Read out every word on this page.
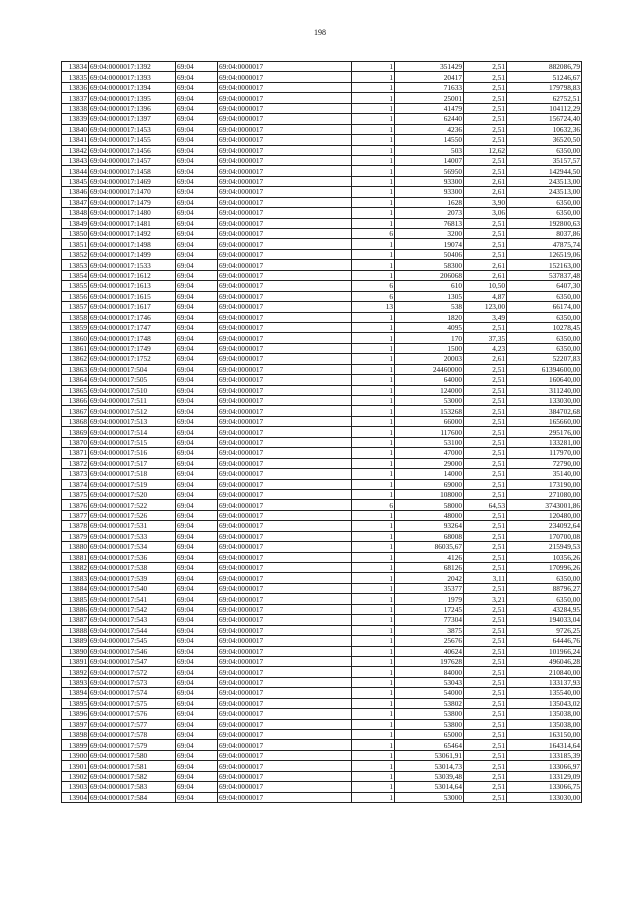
198
13834	69:04:0000017:1392	69:04	69:04:0000017	1	351429	2,51	882086,79
13835	69:04:0000017:1393	69:04	69:04:0000017	1	20417	2,51	51246,67
13836	69:04:0000017:1394	69:04	69:04:0000017	1	71633	2,51	179798,83
13837	69:04:0000017:1395	69:04	69:04:0000017	1	25001	2,51	62752,51
13838	69:04:0000017:1396	69:04	69:04:0000017	1	41479	2,51	104112,29
13839	69:04:0000017:1397	69:04	69:04:0000017	1	62440	2,51	156724,40
13840	69:04:0000017:1453	69:04	69:04:0000017	1	4236	2,51	10632,36
13841	69:04:0000017:1455	69:04	69:04:0000017	1	14550	2,51	36520,50
13842	69:04:0000017:1456	69:04	69:04:0000017	1	503	12,62	6350,00
13843	69:04:0000017:1457	69:04	69:04:0000017	1	14007	2,51	35157,57
13844	69:04:0000017:1458	69:04	69:04:0000017	1	56950	2,51	142944,50
13845	69:04:0000017:1469	69:04	69:04:0000017	1	93300	2,61	243513,00
13846	69:04:0000017:1470	69:04	69:04:0000017	1	93300	2,61	243513,00
13847	69:04:0000017:1479	69:04	69:04:0000017	1	1628	3,90	6350,00
13848	69:04:0000017:1480	69:04	69:04:0000017	1	2073	3,06	6350,00
13849	69:04:0000017:1481	69:04	69:04:0000017	1	76813	2,51	192800,63
13850	69:04:0000017:1492	69:04	69:04:0000017	6	3200	2,51	8037,86
13851	69:04:0000017:1498	69:04	69:04:0000017	1	19074	2,51	47875,74
13852	69:04:0000017:1499	69:04	69:04:0000017	1	50406	2,51	126519,06
13853	69:04:0000017:1533	69:04	69:04:0000017	1	58300	2,61	152163,00
13854	69:04:0000017:1612	69:04	69:04:0000017	1	206068	2,61	537837,48
13855	69:04:0000017:1613	69:04	69:04:0000017	6	610	10,50	6407,30
13856	69:04:0000017:1615	69:04	69:04:0000017	6	1305	4,87	6350,00
13857	69:04:0000017:1617	69:04	69:04:0000017	13	538	123,00	66174,00
13858	69:04:0000017:1746	69:04	69:04:0000017	1	1820	3,49	6350,00
13859	69:04:0000017:1747	69:04	69:04:0000017	1	4095	2,51	10278,45
13860	69:04:0000017:1748	69:04	69:04:0000017	1	170	37,35	6350,00
13861	69:04:0000017:1749	69:04	69:04:0000017	1	1500	4,23	6350,00
13862	69:04:0000017:1752	69:04	69:04:0000017	1	20003	2,61	52207,83
13863	69:04:0000017:504	69:04	69:04:0000017	1	24460000	2,51	61394600,00
13864	69:04:0000017:505	69:04	69:04:0000017	1	64000	2,51	160640,00
13865	69:04:0000017:510	69:04	69:04:0000017	1	124000	2,51	311240,00
13866	69:04:0000017:511	69:04	69:04:0000017	1	53000	2,51	133030,00
13867	69:04:0000017:512	69:04	69:04:0000017	1	153268	2,51	384702,68
13868	69:04:0000017:513	69:04	69:04:0000017	1	66000	2,51	165660,00
13869	69:04:0000017:514	69:04	69:04:0000017	1	117600	2,51	295176,00
13870	69:04:0000017:515	69:04	69:04:0000017	1	53100	2,51	133281,00
13871	69:04:0000017:516	69:04	69:04:0000017	1	47000	2,51	117970,00
13872	69:04:0000017:517	69:04	69:04:0000017	1	29000	2,51	72790,00
13873	69:04:0000017:518	69:04	69:04:0000017	1	14000	2,51	35140,00
13874	69:04:0000017:519	69:04	69:04:0000017	1	69000	2,51	173190,00
13875	69:04:0000017:520	69:04	69:04:0000017	1	108000	2,51	271080,00
13876	69:04:0000017:522	69:04	69:04:0000017	6	58000	64,53	3743001,86
13877	69:04:0000017:526	69:04	69:04:0000017	1	48000	2,51	120480,00
13878	69:04:0000017:531	69:04	69:04:0000017	1	93264	2,51	234092,64
13879	69:04:0000017:533	69:04	69:04:0000017	1	68008	2,51	170700,08
13880	69:04:0000017:534	69:04	69:04:0000017	1	86035,67	2,51	215949,53
13881	69:04:0000017:536	69:04	69:04:0000017	1	4126	2,51	10356,26
13882	69:04:0000017:538	69:04	69:04:0000017	1	68126	2,51	170996,26
13883	69:04:0000017:539	69:04	69:04:0000017	1	2042	3,11	6350,00
13884	69:04:0000017:540	69:04	69:04:0000017	1	35377	2,51	88796,27
13885	69:04:0000017:541	69:04	69:04:0000017	1	1979	3,21	6350,00
13886	69:04:0000017:542	69:04	69:04:0000017	1	17245	2,51	43284,95
13887	69:04:0000017:543	69:04	69:04:0000017	1	77304	2,51	194033,04
13888	69:04:0000017:544	69:04	69:04:0000017	1	3875	2,51	9726,25
13889	69:04:0000017:545	69:04	69:04:0000017	1	25676	2,51	64446,76
13890	69:04:0000017:546	69:04	69:04:0000017	1	40624	2,51	101966,24
13891	69:04:0000017:547	69:04	69:04:0000017	1	197628	2,51	496046,28
13892	69:04:0000017:572	69:04	69:04:0000017	1	84000	2,51	210840,00
13893	69:04:0000017:573	69:04	69:04:0000017	1	53043	2,51	133137,93
13894	69:04:0000017:574	69:04	69:04:0000017	1	54000	2,51	135540,00
13895	69:04:0000017:575	69:04	69:04:0000017	1	53802	2,51	135043,02
13896	69:04:0000017:576	69:04	69:04:0000017	1	53800	2,51	135038,00
13897	69:04:0000017:577	69:04	69:04:0000017	1	53800	2,51	135038,00
13898	69:04:0000017:578	69:04	69:04:0000017	1	65000	2,51	163150,00
13899	69:04:0000017:579	69:04	69:04:0000017	1	65464	2,51	164314,64
13900	69:04:0000017:580	69:04	69:04:0000017	1	53061,91	2,51	133185,39
13901	69:04:0000017:581	69:04	69:04:0000017	1	53014,73	2,51	133066,97
13902	69:04:0000017:582	69:04	69:04:0000017	1	53039,48	2,51	133129,09
13903	69:04:0000017:583	69:04	69:04:0000017	1	53014,64	2,51	133066,75
13904	69:04:0000017:584	69:04	69:04:0000017	1	53000	2,51	133030,00
